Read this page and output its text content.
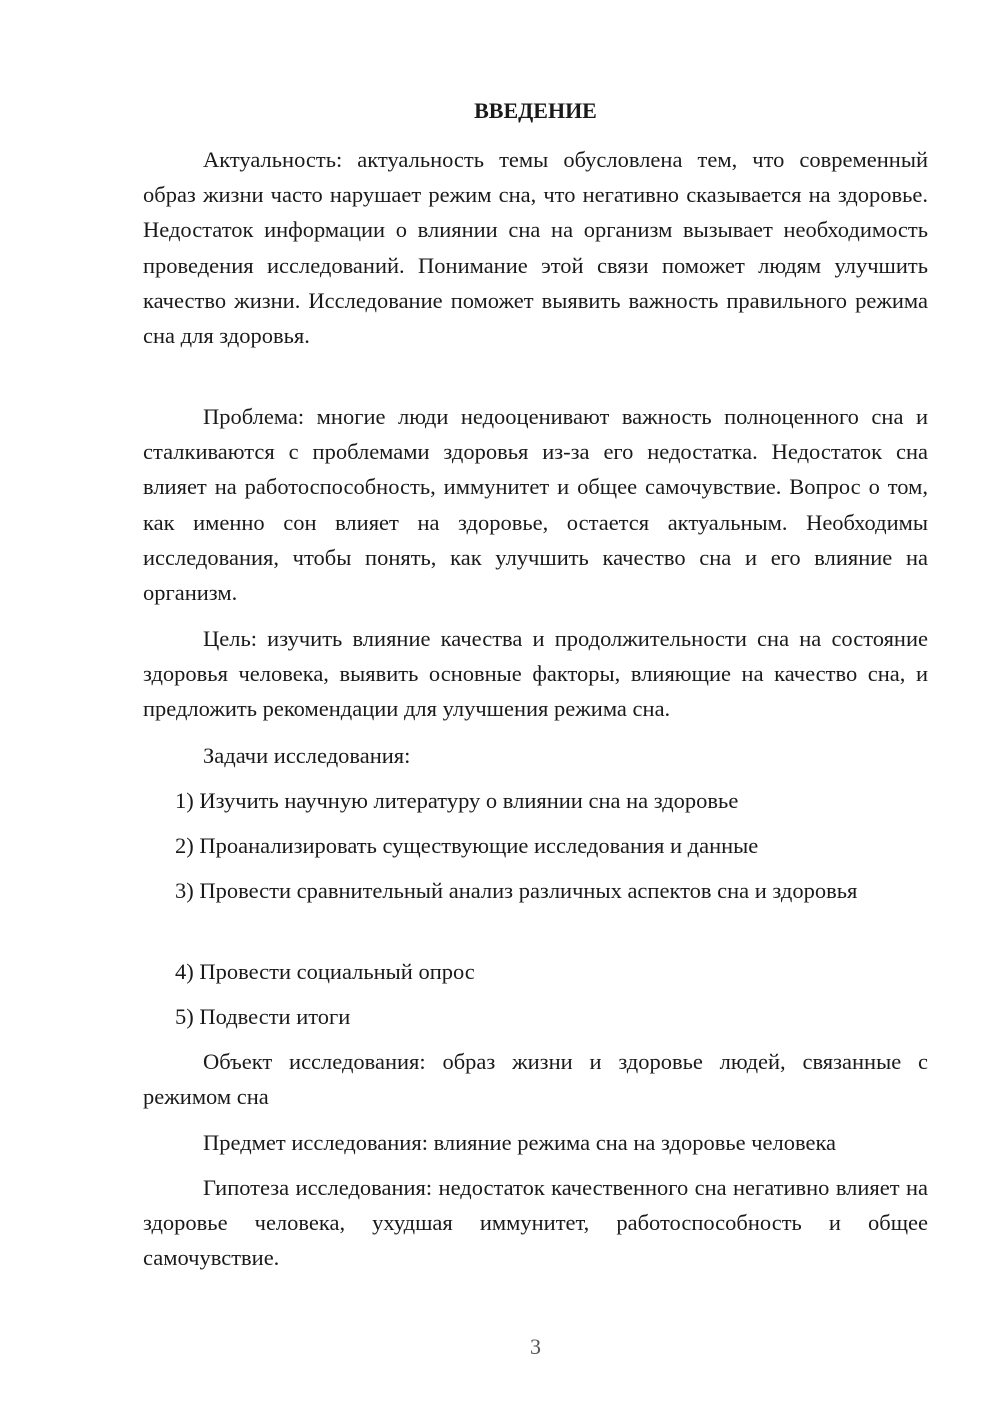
ВВЕДЕНИЕ

Актуальность: актуальность темы обусловлена тем, что современный образ жизни часто нарушает режим сна, что негативно сказывается на здоровье. Недостаток информации о влиянии сна на организм вызывает необходимость проведения исследований. Понимание этой связи поможет людям улучшить качество жизни. Исследование поможет выявить важность правильного режима сна для здоровья.

Проблема: многие люди недооценивают важность полноценного сна и сталкиваются с проблемами здоровья из-за его недостатка. Недостаток сна влияет на работоспособность, иммунитет и общее самочувствие. Вопрос о том, как именно сон влияет на здоровье, остается актуальным. Необходимы исследования, чтобы понять, как улучшить качество сна и его влияние на организм.

Цель: изучить влияние качества и продолжительности сна на состояние здоровья человека, выявить основные факторы, влияющие на качество сна, и предложить рекомендации для улучшения режима сна.

Задачи исследования:

1) Изучить научную литературу о влиянии сна на здоровье

2) Проанализировать существующие исследования и данные

3) Провести сравнительный анализ различных аспектов сна и здоровья

4) Провести социальный опрос

5) Подвести итоги

Объект исследования: образ жизни и здоровье людей, связанные с режимом сна

Предмет исследования: влияние режима сна на здоровье человека

Гипотеза исследования: недостаток качественного сна негативно влияет на здоровье человека, ухудшая иммунитет, работоспособность и общее самочувствие.

3
